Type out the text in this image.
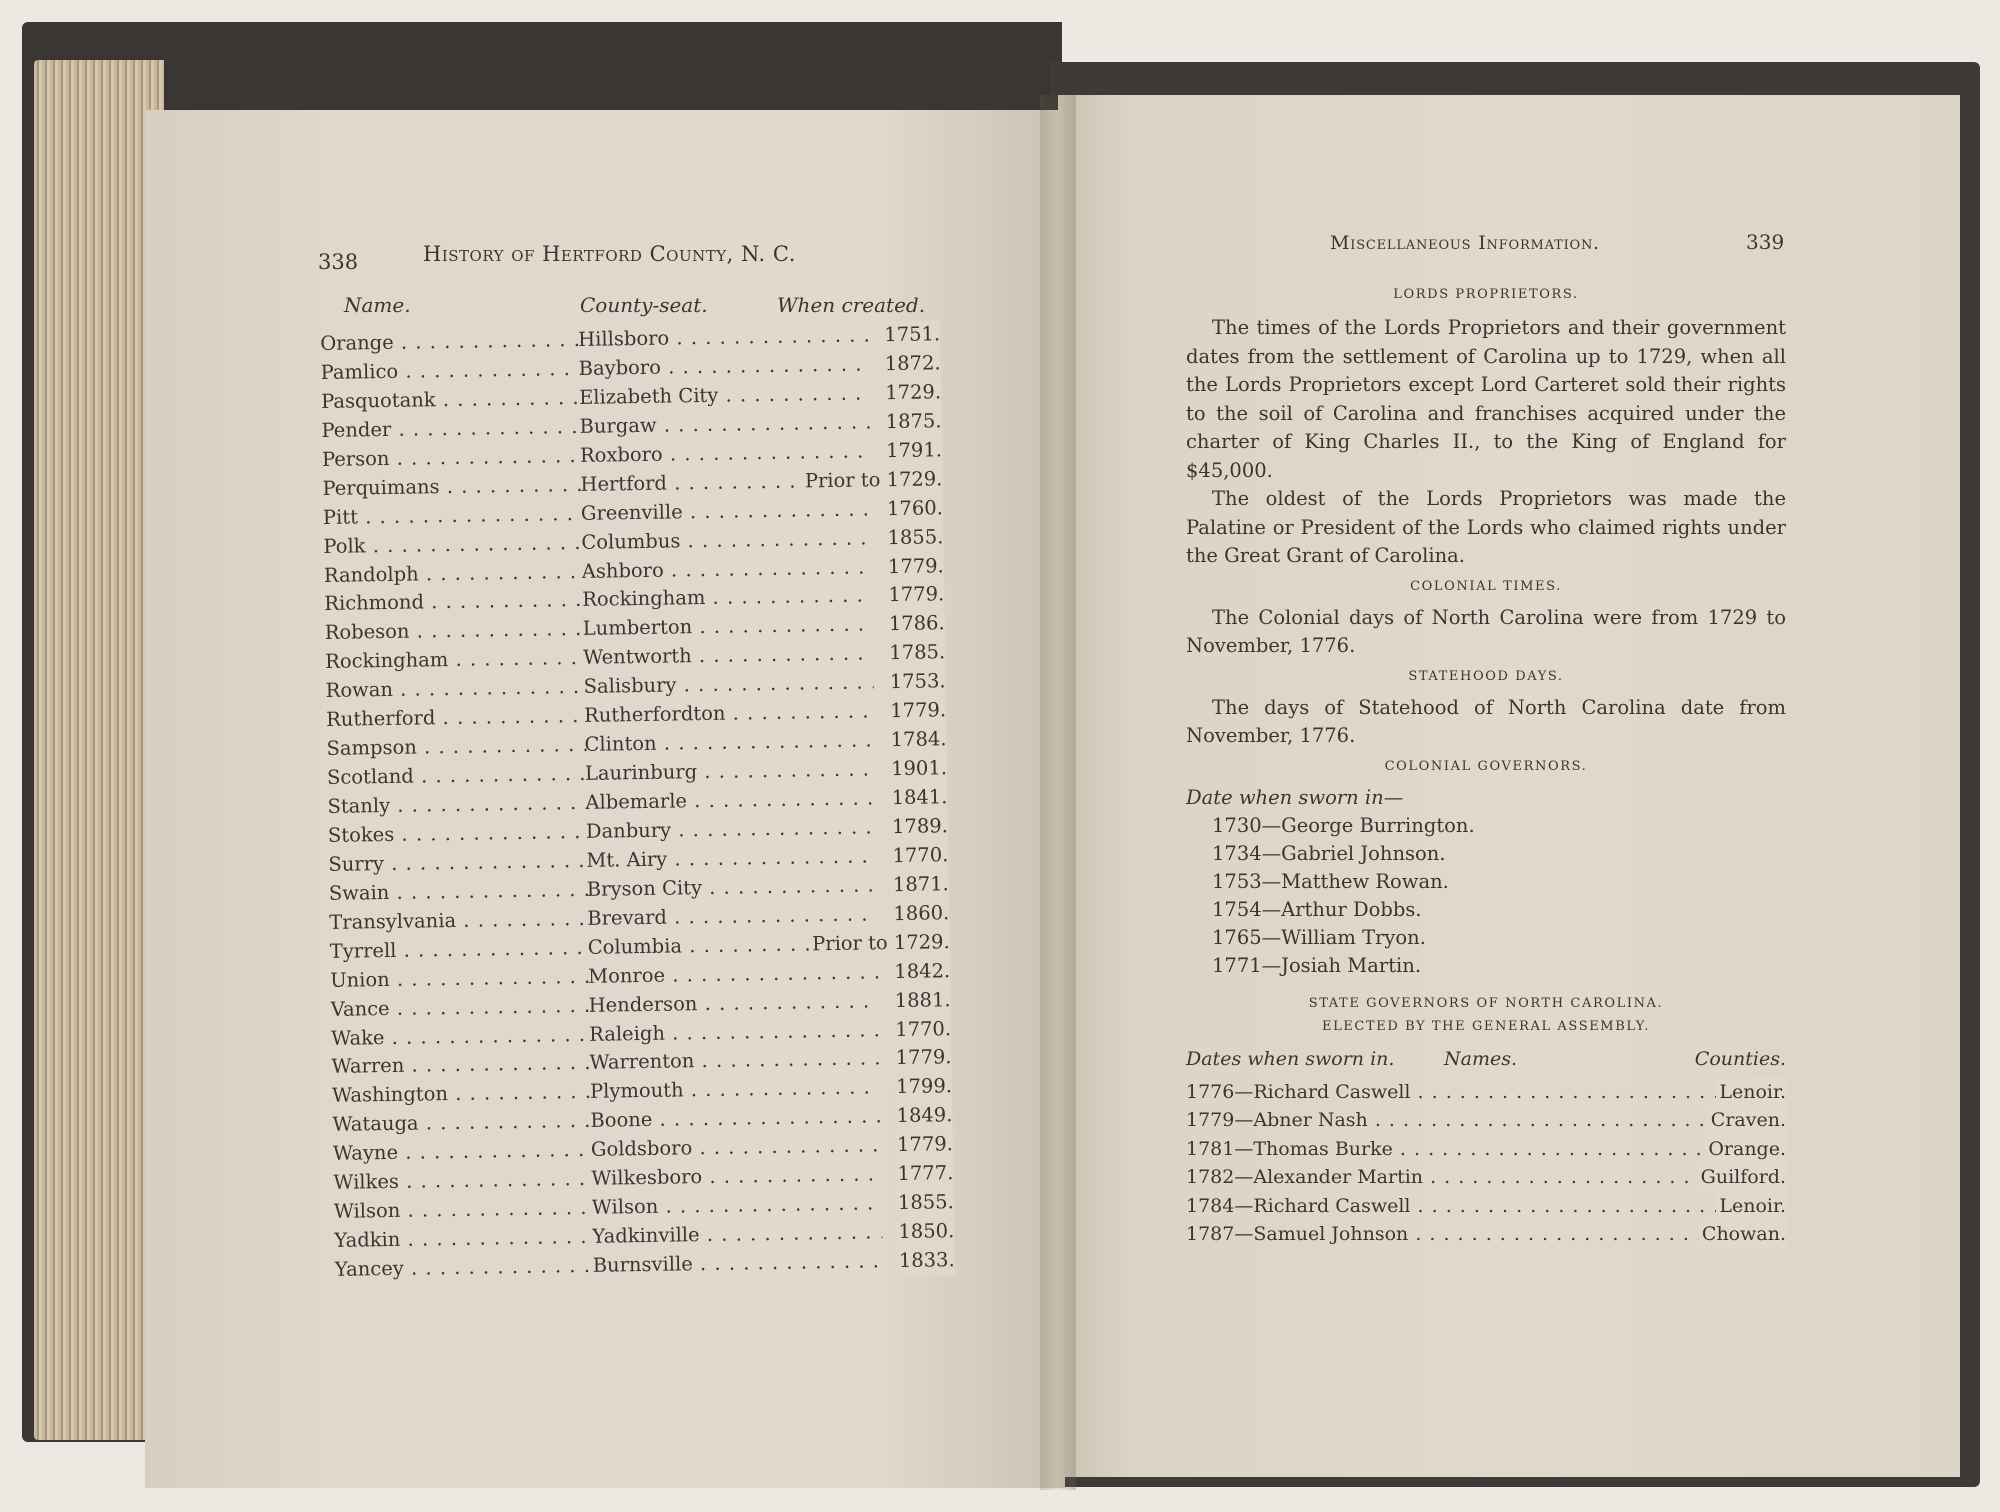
338	History of Hertford County, N. C.
Name.	County-seat.	When created.
Orange . . .	Hillsboro . . .	1751.
Pamlico . . .	Bayboro . . .	1872.
Pasquotank . . .	Elizabeth City . . .	1729.
Pender . . .	Burgaw . . .	1875.
Person . . .	Roxboro . . .	1791.
Perquimans . . .	Hertford . . .	Prior to 1729.
Pitt . . .	Greenville . . .	1760.
Polk . . .	Columbus . . .	1855.
Randolph . . .	Ashboro . . .	1779.
Richmond . . .	Rockingham . . .	1779.
Robeson . . .	Lumberton . . .	1786.
Rockingham . . .	Wentworth . . .	1785.
Rowan . . .	Salisbury . . .	1753.
Rutherford . . .	Rutherfordton . . .	1779.
Sampson . . .	Clinton . . .	1784.
Scotland . . .	Laurinburg . . .	1901.
Stanly . . .	Albemarle . . .	1841.
Stokes . . .	Danbury . . .	1789.
Surry . . .	Mt. Airy . . .	1770.
Swain . . .	Bryson City . . .	1871.
Transylvania . . .	Brevard . . .	1860.
Tyrrell . . .	Columbia . . .	Prior to 1729.
Union . . .	Monroe . . .	1842.
Vance . . .	Henderson . . .	1881.
Wake . . .	Raleigh . . .	1770.
Warren . . .	Warrenton . . .	1779.
Washington . . .	Plymouth . . .	1799.
Watauga . . .	Boone . . .	1849.
Wayne . . .	Goldsboro . . .	1779.
Wilkes . . .	Wilkesboro . . .	1777.
Wilson . . .	Wilson . . .	1855.
Yadkin . . .	Yadkinville . . .	1850.
Yancey . . .	Burnsville . . .	1833.
Miscellaneous Information.	339
LORDS PROPRIETORS.

The times of the Lords Proprietors and their government dates from the settlement of Carolina up to 1729, when all the Lords Proprietors except Lord Carteret sold their rights to the soil of Carolina and franchises acquired under the charter of King Charles II., to the King of England for $45,000.

The oldest of the Lords Proprietors was made the Palatine or President of the Lords who claimed rights under the Great Grant of Carolina.

COLONIAL TIMES.

The Colonial days of North Carolina were from 1729 to November, 1776.

STATEHOOD DAYS.

The days of Statehood of North Carolina date from November, 1776.

COLONIAL GOVERNORS.
Date when sworn in—
1730—George Burrington.
1734—Gabriel Johnson.
1753—Matthew Rowan.
1754—Arthur Dobbs.
1765—William Tryon.
1771—Josiah Martin.
STATE GOVERNORS OF NORTH CAROLINA.
ELECTED BY THE GENERAL ASSEMBLY.
Dates when sworn in.	Names.	Counties.
1776—Richard Caswell . . .	Lenoir.
1779—Abner Nash . . .	Craven.
1781—Thomas Burke . . .	Orange.
1782—Alexander Martin . . .	Guilford.
1784—Richard Caswell . . .	Lenoir.
1787—Samuel Johnson . . .	Chowan.
